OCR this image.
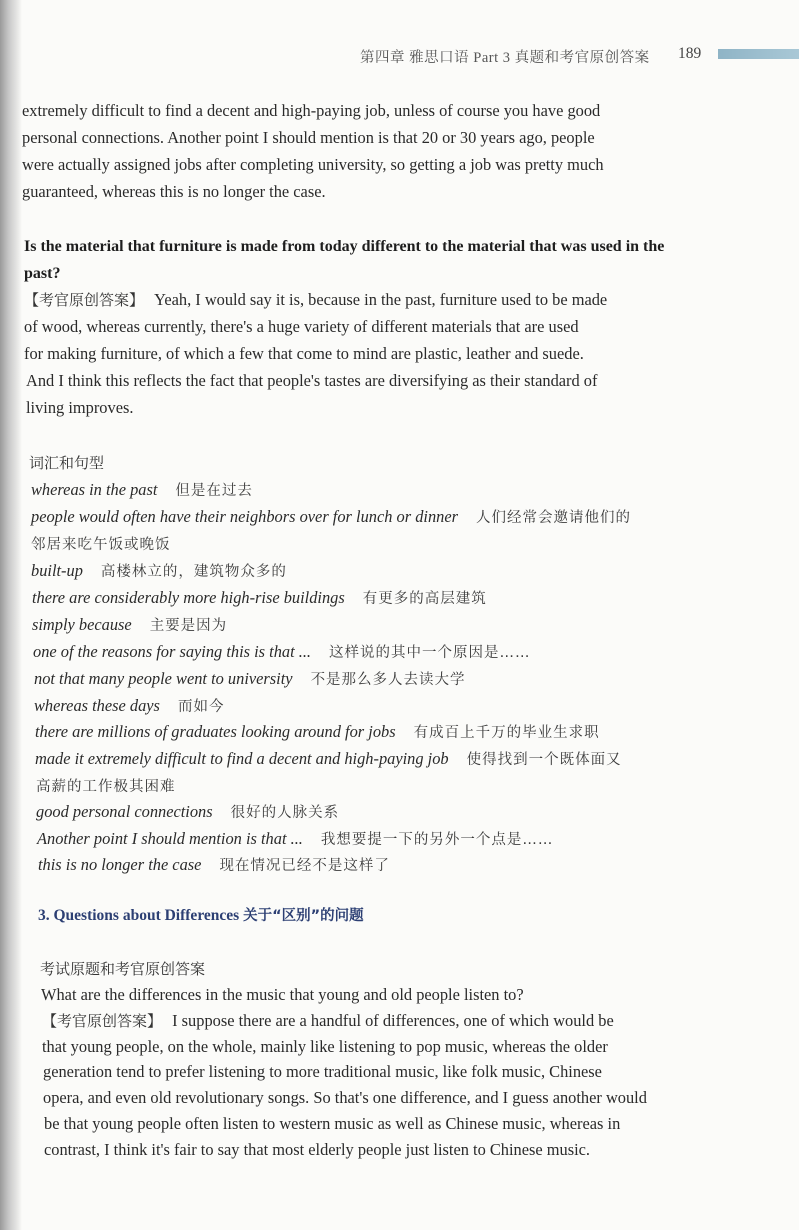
第四章 雅思口语 Part 3 真题和考官原创答案 189
extremely difficult to find a decent and high-paying job, unless of course you have good
personal connections. Another point I should mention is that 20 or 30 years ago, people
were actually assigned jobs after completing university, so getting a job was pretty much
guaranteed, whereas this is no longer the case.
Is the material that furniture is made from today different to the material that was used in the
past?
【考官原创答案】 Yeah, I would say it is, because in the past, furniture used to be made
of wood, whereas currently, there's a huge variety of different materials that are used
for making furniture, of which a few that come to mind are plastic, leather and suede.
And I think this reflects the fact that people's tastes are diversifying as their standard of
living improves.
词汇和句型
whereas in the past 但是在过去
people would often have their neighbors over for lunch or dinner 人们经常会邀请他们的
邻居来吃午饭或晚饭
built-up 高楼林立的，建筑物众多的
there are considerably more high-rise buildings 有更多的高层建筑
simply because 主要是因为
one of the reasons for saying this is that ... 这样说的其中一个原因是……
not that many people went to university 不是那么多人去读大学
whereas these days 而如今
there are millions of graduates looking around for jobs 有成百上千万的毕业生求职
made it extremely difficult to find a decent and high-paying job 使得找到一个既体面又
高薪的工作极其困难
good personal connections 很好的人脉关系
Another point I should mention is that ... 我想要提一下的另外一个点是……
this is no longer the case 现在情况已经不是这样了
3. Questions about Differences 关于“区别”的问题
考试原题和考官原创答案
What are the differences in the music that young and old people listen to?
【考官原创答案】 I suppose there are a handful of differences, one of which would be
that young people, on the whole, mainly like listening to pop music, whereas the older
generation tend to prefer listening to more traditional music, like folk music, Chinese
opera, and even old revolutionary songs. So that's one difference, and I guess another would
be that young people often listen to western music as well as Chinese music, whereas in
contrast, I think it's fair to say that most elderly people just listen to Chinese music.
